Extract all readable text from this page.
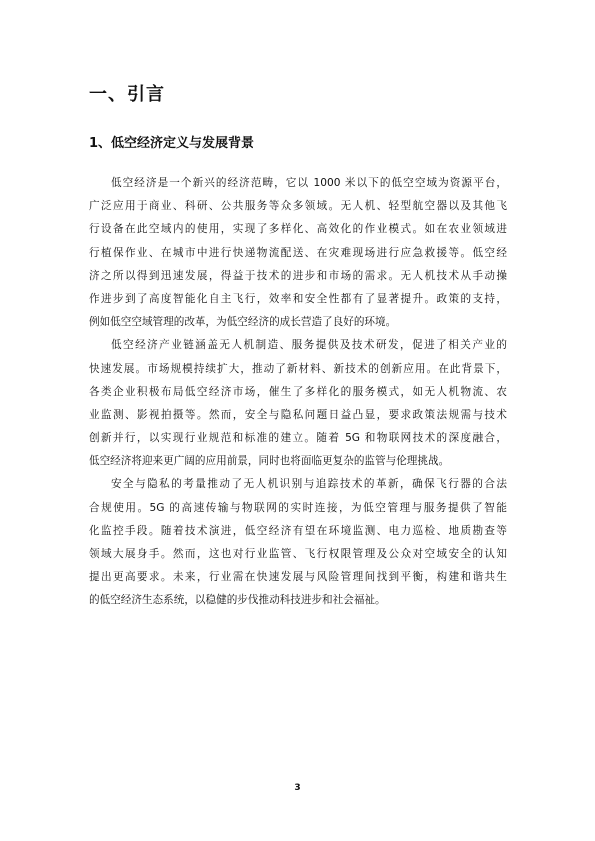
一、引言
1、低空经济定义与发展背景
低空经济是一个新兴的经济范畴，它以 1000 米以下的低空空域为资源平台，
广泛应用于商业、科研、公共服务等众多领域。无人机、轻型航空器以及其他飞
行设备在此空域内的使用，实现了多样化、高效化的作业模式。如在农业领域进
行植保作业、在城市中进行快递物流配送、在灾难现场进行应急救援等。低空经
济之所以得到迅速发展，得益于技术的进步和市场的需求。无人机技术从手动操
作进步到了高度智能化自主飞行，效率和安全性都有了显著提升。政策的支持，
例如低空空域管理的改革，为低空经济的成长营造了良好的环境。
低空经济产业链涵盖无人机制造、服务提供及技术研发，促进了相关产业的
快速发展。市场规模持续扩大，推动了新材料、新技术的创新应用。在此背景下，
各类企业积极布局低空经济市场，催生了多样化的服务模式，如无人机物流、农
业监测、影视拍摄等。然而，安全与隐私问题日益凸显，要求政策法规需与技术
创新并行，以实现行业规范和标准的建立。随着 5G 和物联网技术的深度融合，
低空经济将迎来更广阔的应用前景，同时也将面临更复杂的监管与伦理挑战。
安全与隐私的考量推动了无人机识别与追踪技术的革新，确保飞行器的合法
合规使用。5G 的高速传输与物联网的实时连接，为低空管理与服务提供了智能
化监控手段。随着技术演进，低空经济有望在环境监测、电力巡检、地质勘查等
领域大展身手。然而，这也对行业监管、飞行权限管理及公众对空域安全的认知
提出更高要求。未来，行业需在快速发展与风险管理间找到平衡，构建和谐共生
的低空经济生态系统，以稳健的步伐推动科技进步和社会福祉。
3
